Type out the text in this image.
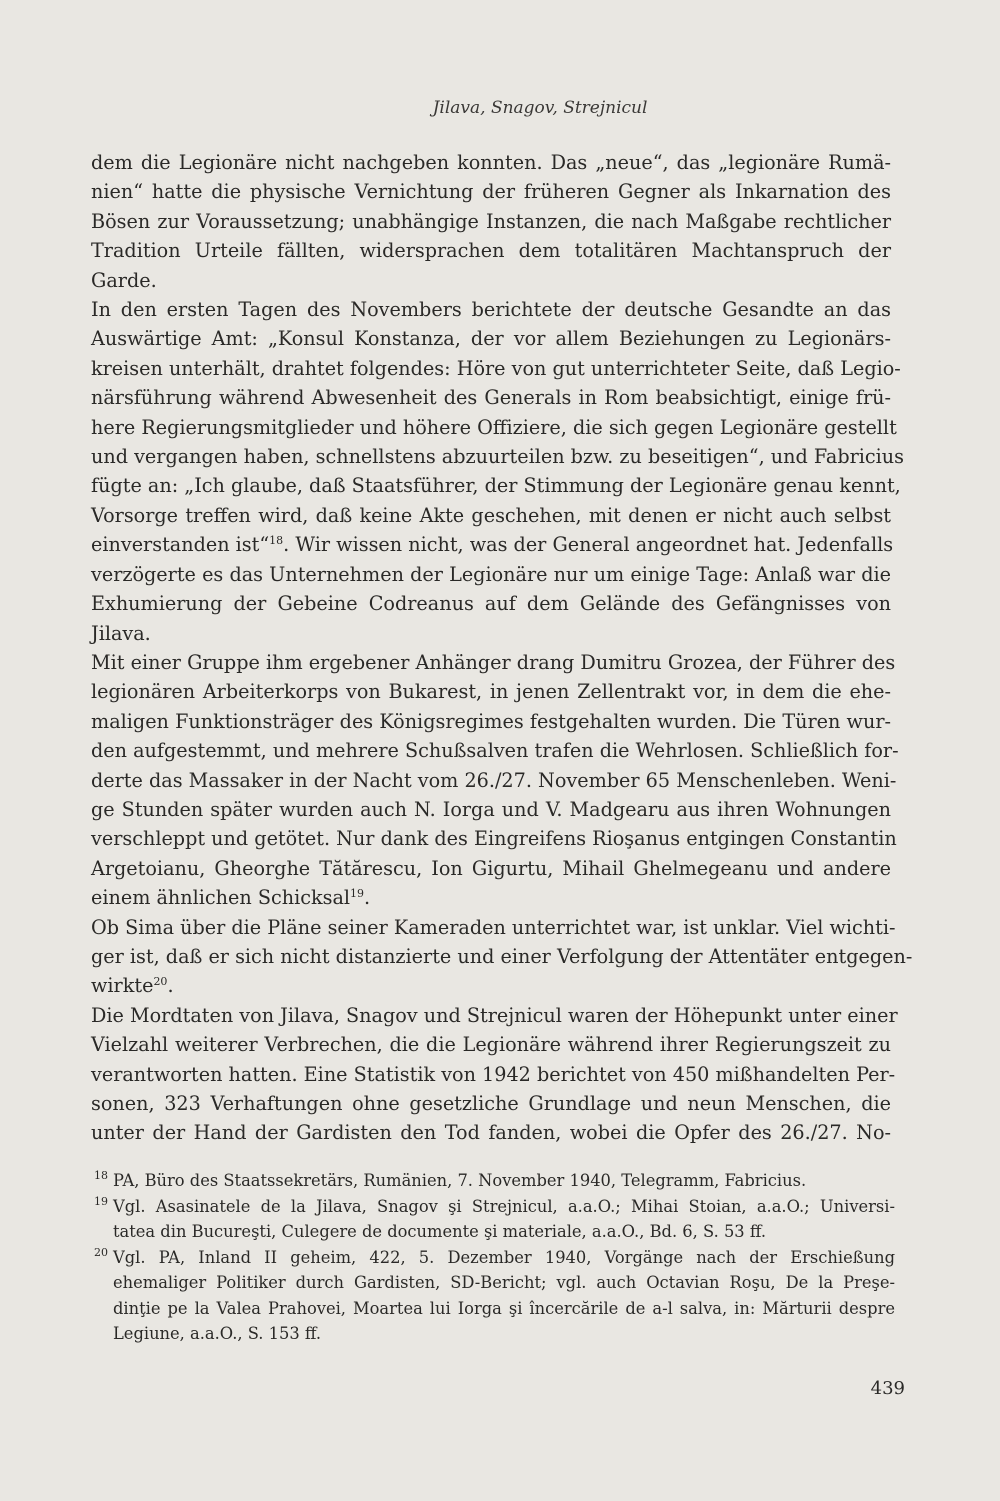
Jilava, Snagov, Strejnicul

dem die Legionäre nicht nachgeben konnten. Das „neue“, das „legionäre Rumä-
nien“ hatte die physische Vernichtung der früheren Gegner als Inkarnation des
Bösen zur Voraussetzung; unabhängige Instanzen, die nach Maßgabe rechtlicher
Tradition Urteile fällten, widersprachen dem totalitären Machtanspruch der
Garde.

In den ersten Tagen des Novembers berichtete der deutsche Gesandte an das
Auswärtige Amt: „Konsul Konstanza, der vor allem Beziehungen zu Legionärs-
kreisen unterhält, drahtet folgendes: Höre von gut unterrichteter Seite, daß Legio-
närsführung während Abwesenheit des Generals in Rom beabsichtigt, einige frü-
here Regierungsmitglieder und höhere Offiziere, die sich gegen Legionäre gestellt
und vergangen haben, schnellstens abzuurteilen bzw. zu beseitigen“, und Fabricius
fügte an: „Ich glaube, daß Staatsführer, der Stimmung der Legionäre genau kennt,
Vorsorge treffen wird, daß keine Akte geschehen, mit denen er nicht auch selbst
einverstanden ist“$^{18}$. Wir wissen nicht, was der General angeordnet hat. Jedenfalls
verzögerte es das Unternehmen der Legionäre nur um einige Tage: Anlaß war die
Exhumierung der Gebeine Codreanus auf dem Gelände des Gefängnisses von
Jilava.

Mit einer Gruppe ihm ergebener Anhänger drang Dumitru Grozea, der Führer des
legionären Arbeiterkorps von Bukarest, in jenen Zellentrakt vor, in dem die ehe-
maligen Funktionsträger des Königsregimes festgehalten wurden. Die Türen wur-
den aufgestemmt, und mehrere Schußsalven trafen die Wehrlosen. Schließlich for-
derte das Massaker in der Nacht vom 26./27. November 65 Menschenleben. Weni-
ge Stunden später wurden auch N. Iorga und V. Madgearu aus ihren Wohnungen
verschleppt und getötet. Nur dank des Eingreifens Rioşanus entgingen Constantin
Argetoianu, Gheorghe Tătărescu, Ion Gigurtu, Mihail Ghelmegeanu und andere
einem ähnlichen Schicksal$^{19}$.

Ob Sima über die Pläne seiner Kameraden unterrichtet war, ist unklar. Viel wichti-
ger ist, daß er sich nicht distanzierte und einer Verfolgung der Attentäter entgegen-
wirkte$^{20}$.

Die Mordtaten von Jilava, Snagov und Strejnicul waren der Höhepunkt unter einer
Vielzahl weiterer Verbrechen, die die Legionäre während ihrer Regierungszeit zu
verantworten hatten. Eine Statistik von 1942 berichtet von 450 mißhandelten Per-
sonen, 323 Verhaftungen ohne gesetzliche Grundlage und neun Menschen, die
unter der Hand der Gardisten den Tod fanden, wobei die Opfer des 26./27. No-

18 PA, Büro des Staatssekretärs, Rumänien, 7. November 1940, Telegramm, Fabricius.
19 Vgl. Asasinatele de la Jilava, Snagov şi Strejnicul, a.a.O.; Mihai Stoian, a.a.O.; Universi-
tatea din Bucureşti, Culegere de documente şi materiale, a.a.O., Bd. 6, S. 53 ff.
20 Vgl. PA, Inland II geheim, 422, 5. Dezember 1940, Vorgänge nach der Erschießung
ehemaliger Politiker durch Gardisten, SD-Bericht; vgl. auch Octavian Roşu, De la Preşe-
dinţie pe la Valea Prahovei, Moartea lui Iorga şi încercările de a-l salva, in: Mărturii despre
Legiune, a.a.O., S. 153 ff.
439
